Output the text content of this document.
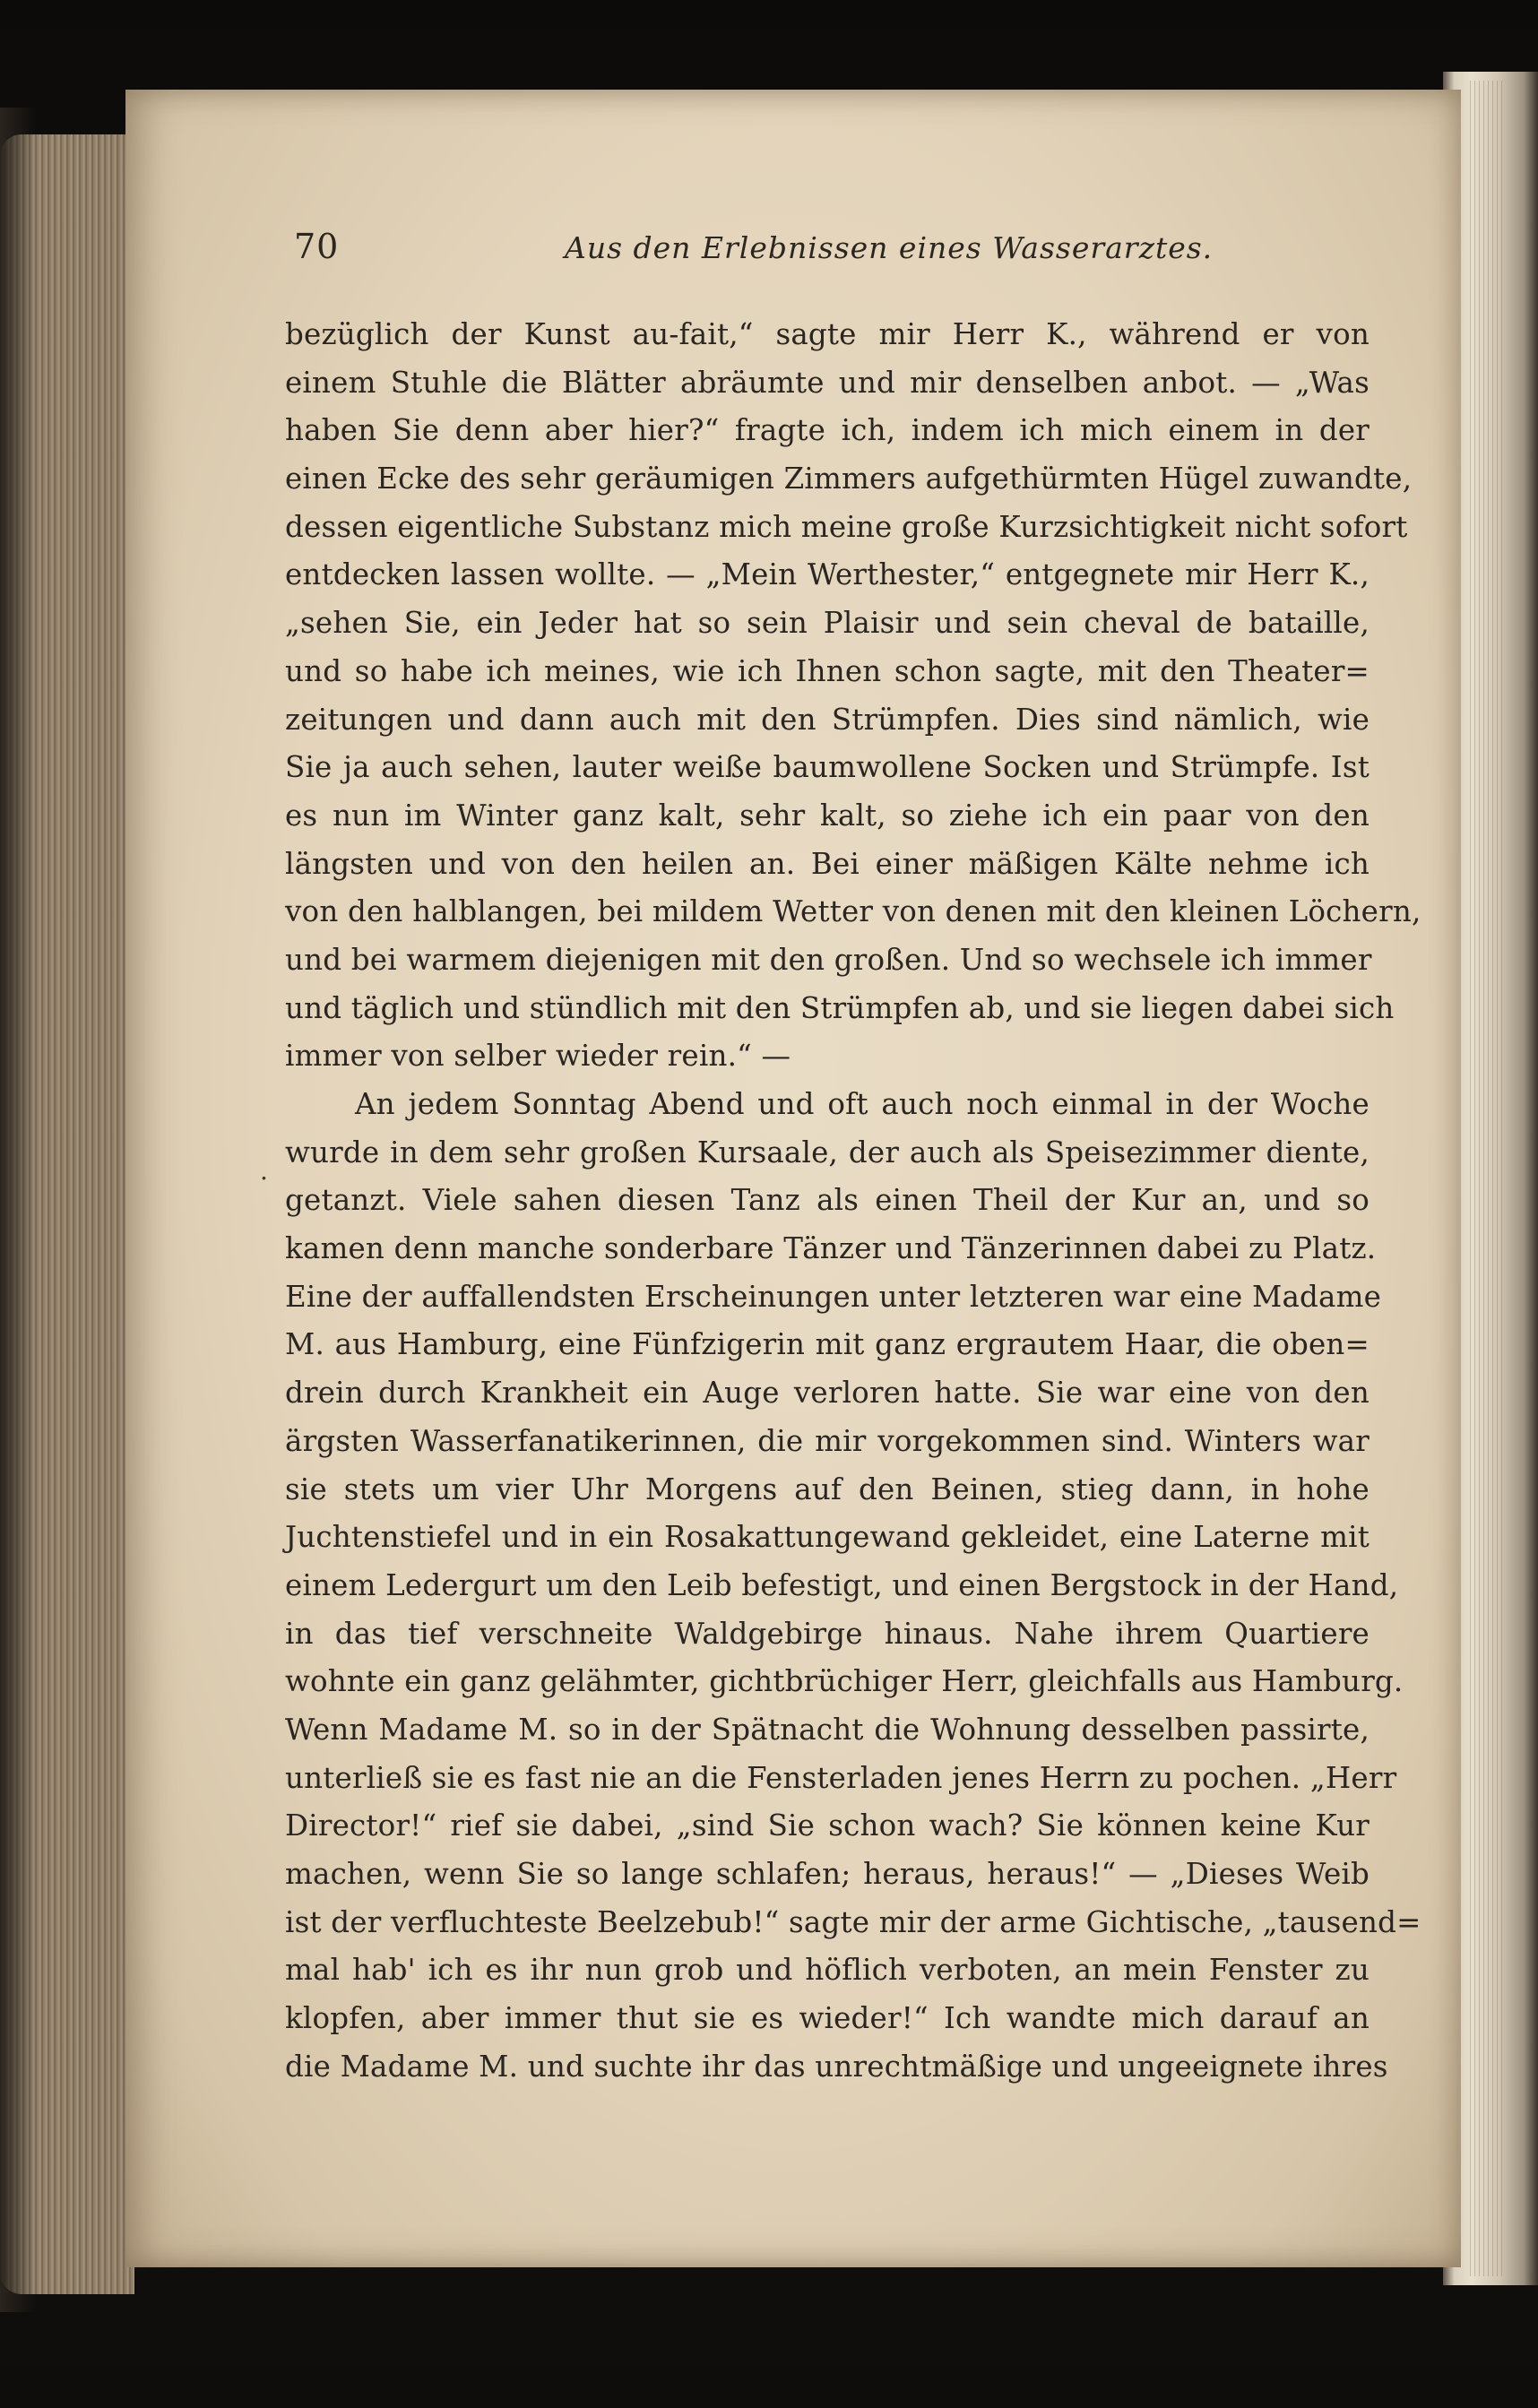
70	Aus den Erlebnissen eines Wasserarztes.
.
bezüglich der Kunst au-fait,“ sagte mir Herr K., während er von
einem Stuhle die Blätter abräumte und mir denselben anbot. — „Was
haben Sie denn aber hier?“ fragte ich, indem ich mich einem in der
einen Ecke des sehr geräumigen Zimmers aufgethürmten Hügel zuwandte,
dessen eigentliche Substanz mich meine große Kurzsichtigkeit nicht sofort
entdecken lassen wollte. — „Mein Werthester,“ entgegnete mir Herr K.,
„sehen Sie, ein Jeder hat so sein Plaisir und sein cheval de bataille,
und so habe ich meines, wie ich Ihnen schon sagte, mit den Theater=
zeitungen und dann auch mit den Strümpfen. Dies sind nämlich, wie
Sie ja auch sehen, lauter weiße baumwollene Socken und Strümpfe. Ist
es nun im Winter ganz kalt, sehr kalt, so ziehe ich ein paar von den
längsten und von den heilen an. Bei einer mäßigen Kälte nehme ich
von den halblangen, bei mildem Wetter von denen mit den kleinen Löchern,
und bei warmem diejenigen mit den großen. Und so wechsele ich immer
und täglich und stündlich mit den Strümpfen ab, und sie liegen dabei sich
immer von selber wieder rein.“ —
An jedem Sonntag Abend und oft auch noch einmal in der Woche
wurde in dem sehr großen Kursaale, der auch als Speisezimmer diente,
getanzt. Viele sahen diesen Tanz als einen Theil der Kur an, und so
kamen denn manche sonderbare Tänzer und Tänzerinnen dabei zu Platz.
Eine der auffallendsten Erscheinungen unter letzteren war eine Madame
M. aus Hamburg, eine Fünfzigerin mit ganz ergrautem Haar, die oben=
drein durch Krankheit ein Auge verloren hatte. Sie war eine von den
ärgsten Wasserfanatikerinnen, die mir vorgekommen sind. Winters war
sie stets um vier Uhr Morgens auf den Beinen, stieg dann, in hohe
Juchtenstiefel und in ein Rosakattungewand gekleidet, eine Laterne mit
einem Ledergurt um den Leib befestigt, und einen Bergstock in der Hand,
in das tief verschneite Waldgebirge hinaus. Nahe ihrem Quartiere
wohnte ein ganz gelähmter, gichtbrüchiger Herr, gleichfalls aus Hamburg.
Wenn Madame M. so in der Spätnacht die Wohnung desselben passirte,
unterließ sie es fast nie an die Fensterladen jenes Herrn zu pochen. „Herr
Director!“ rief sie dabei, „sind Sie schon wach? Sie können keine Kur
machen, wenn Sie so lange schlafen; heraus, heraus!“ — „Dieses Weib
ist der verfluchteste Beelzebub!“ sagte mir der arme Gichtische, „tausend=
mal hab' ich es ihr nun grob und höflich verboten, an mein Fenster zu
klopfen, aber immer thut sie es wieder!“ Ich wandte mich darauf an
die Madame M. und suchte ihr das unrechtmäßige und ungeeignete ihres
